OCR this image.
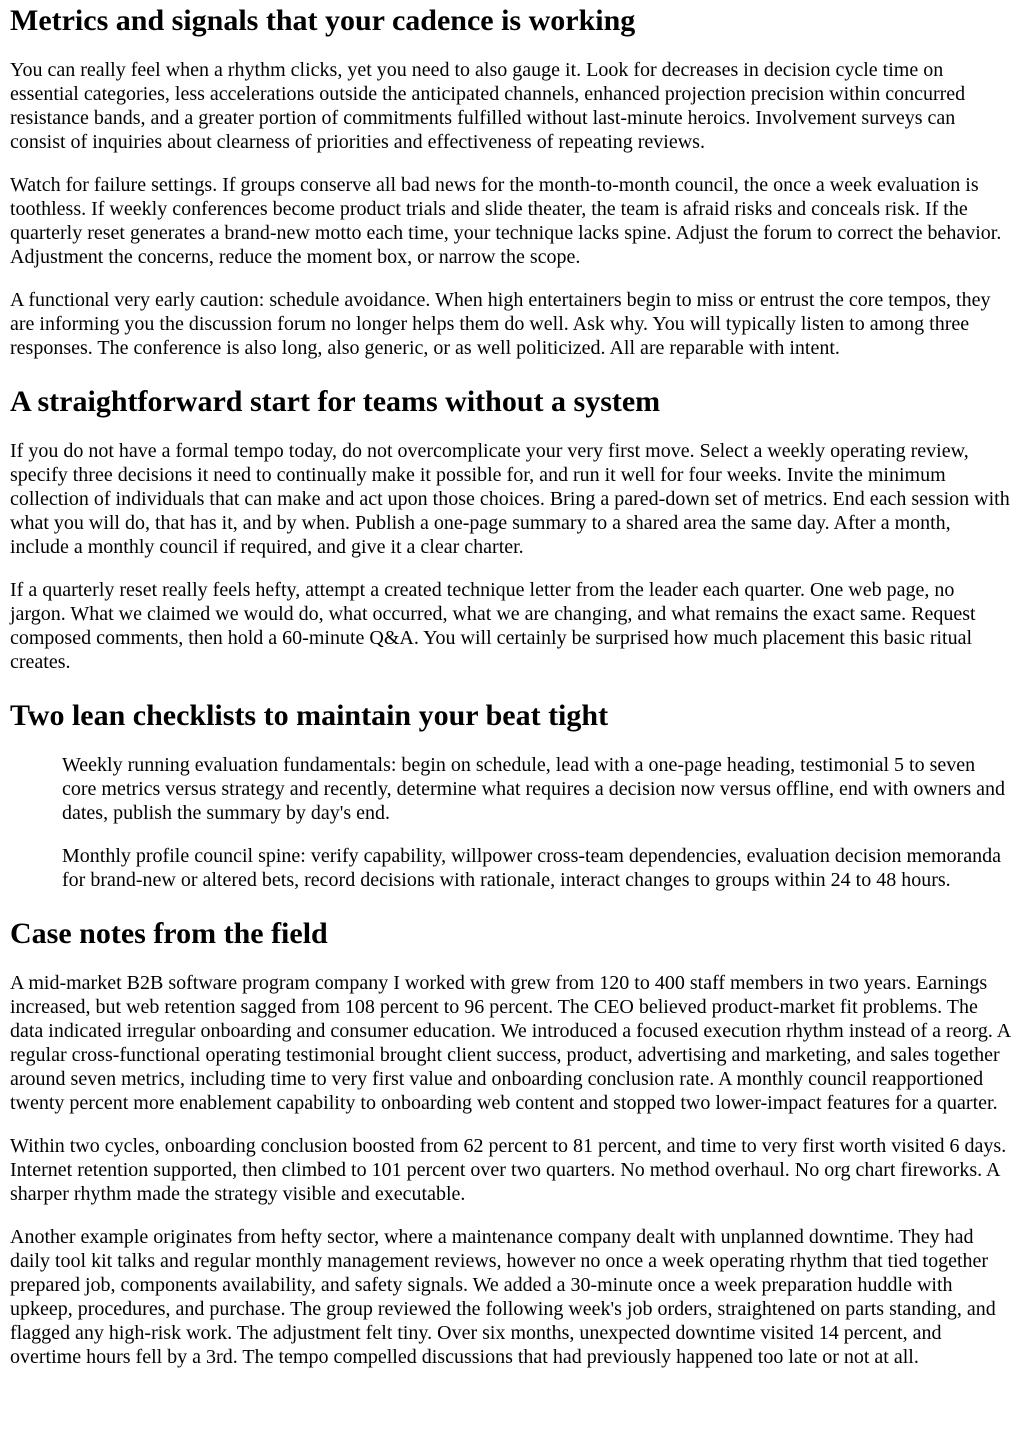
Metrics and signals that your cadence is working

You can really feel when a rhythm clicks, yet you need to also gauge it. Look for decreases in decision cycle time on essential categories, less accelerations outside the anticipated channels, enhanced projection precision within concurred resistance bands, and a greater portion of commitments fulfilled without last-minute heroics. Involvement surveys can consist of inquiries about clearness of priorities and effectiveness of repeating reviews.

Watch for failure settings. If groups conserve all bad news for the month-to-month council, the once a week evaluation is toothless. If weekly conferences become product trials and slide theater, the team is afraid risks and conceals risk. If the quarterly reset generates a brand-new motto each time, your technique lacks spine. Adjust the forum to correct the behavior. Adjustment the concerns, reduce the moment box, or narrow the scope.

A functional very early caution: schedule avoidance. When high entertainers begin to miss or entrust the core tempos, they are informing you the discussion forum no longer helps them do well. Ask why. You will typically listen to among three responses. The conference is also long, also generic, or as well politicized. All are reparable with intent.

A straightforward start for teams without a system

If you do not have a formal tempo today, do not overcomplicate your very first move. Select a weekly operating review, specify three decisions it need to continually make it possible for, and run it well for four weeks. Invite the minimum collection of individuals that can make and act upon those choices. Bring a pared-down set of metrics. End each session with what you will do, that has it, and by when. Publish a one-page summary to a shared area the same day. After a month, include a monthly council if required, and give it a clear charter.

If a quarterly reset really feels hefty, attempt a created technique letter from the leader each quarter. One web page, no jargon. What we claimed we would do, what occurred, what we are changing, and what remains the exact same. Request composed comments, then hold a 60-minute Q&A. You will certainly be surprised how much placement this basic ritual creates.

Two lean checklists to maintain your beat tight
Weekly running evaluation fundamentals: begin on schedule, lead with a one-page heading, testimonial 5 to seven core metrics versus strategy and recently, determine what requires a decision now versus offline, end with owners and dates, publish the summary by day's end.
Monthly profile council spine: verify capability, willpower cross-team dependencies, evaluation decision memoranda for brand-new or altered bets, record decisions with rationale, interact changes to groups within 24 to 48 hours.
Case notes from the field

A mid-market B2B software program company I worked with grew from 120 to 400 staff members in two years. Earnings increased, but web retention sagged from 108 percent to 96 percent. The CEO believed product-market fit problems. The data indicated irregular onboarding and consumer education. We introduced a focused execution rhythm instead of a reorg. A regular cross-functional operating testimonial brought client success, product, advertising and marketing, and sales together around seven metrics, including time to very first value and onboarding conclusion rate. A monthly council reapportioned twenty percent more enablement capability to onboarding web content and stopped two lower-impact features for a quarter.

Within two cycles, onboarding conclusion boosted from 62 percent to 81 percent, and time to very first worth visited 6 days. Internet retention supported, then climbed to 101 percent over two quarters. No method overhaul. No org chart fireworks. A sharper rhythm made the strategy visible and executable.

Another example originates from hefty sector, where a maintenance company dealt with unplanned downtime. They had daily tool kit talks and regular monthly management reviews, however no once a week operating rhythm that tied together prepared job, components availability, and safety signals. We added a 30-minute once a week preparation huddle with upkeep, procedures, and purchase. The group reviewed the following week's job orders, straightened on parts standing, and flagged any high-risk work. The adjustment felt tiny. Over six months, unexpected downtime visited 14 percent, and overtime hours fell by a 3rd. The tempo compelled discussions that had previously happened too late or not at all.
